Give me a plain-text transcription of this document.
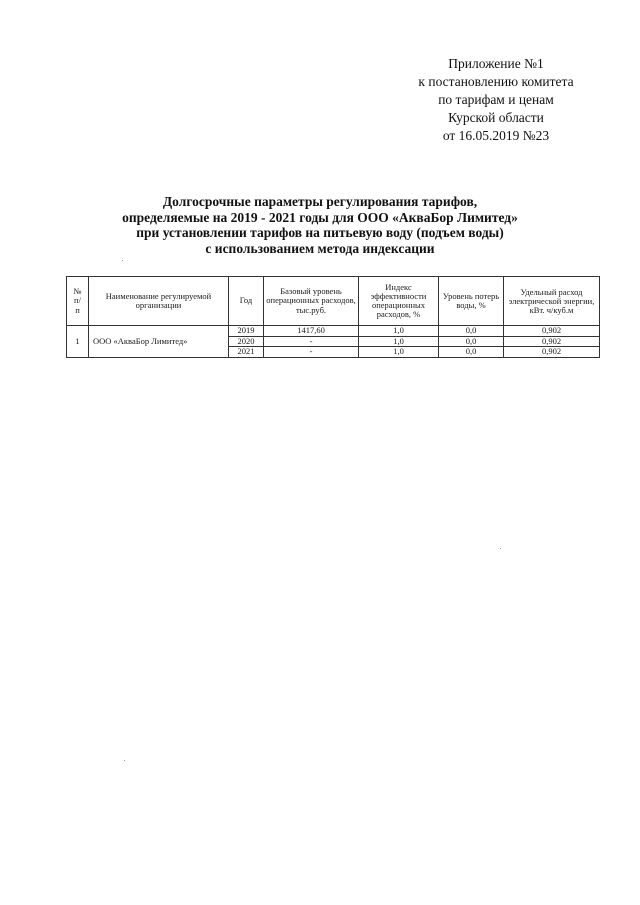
Приложение №1
к постановлению комитета
по тарифам и ценам
Курской области
от 16.05.2019 №23
Долгосрочные параметры регулирования тарифов,
определяемые на 2019 - 2021 годы для ООО «АкваБор Лимитед»
при установлении тарифов на питьевую воду (подъем воды)
с использованием метода индексации
№
п/
п	Наименование регулируемой организации	Год	Базовый уровень операционных расходов, тыс.руб.	Индекс эффективности операционных расходов, %	Уровень потерь воды, %	Удельный расход электрической энергии, кВт. ч/куб.м
1	ООО «АкваБор Лимитед»	2019	1417,60	1,0	0,0	0,902
		2020	-	1,0	0,0	0,902
		2021	-	1,0	0,0	0,902
